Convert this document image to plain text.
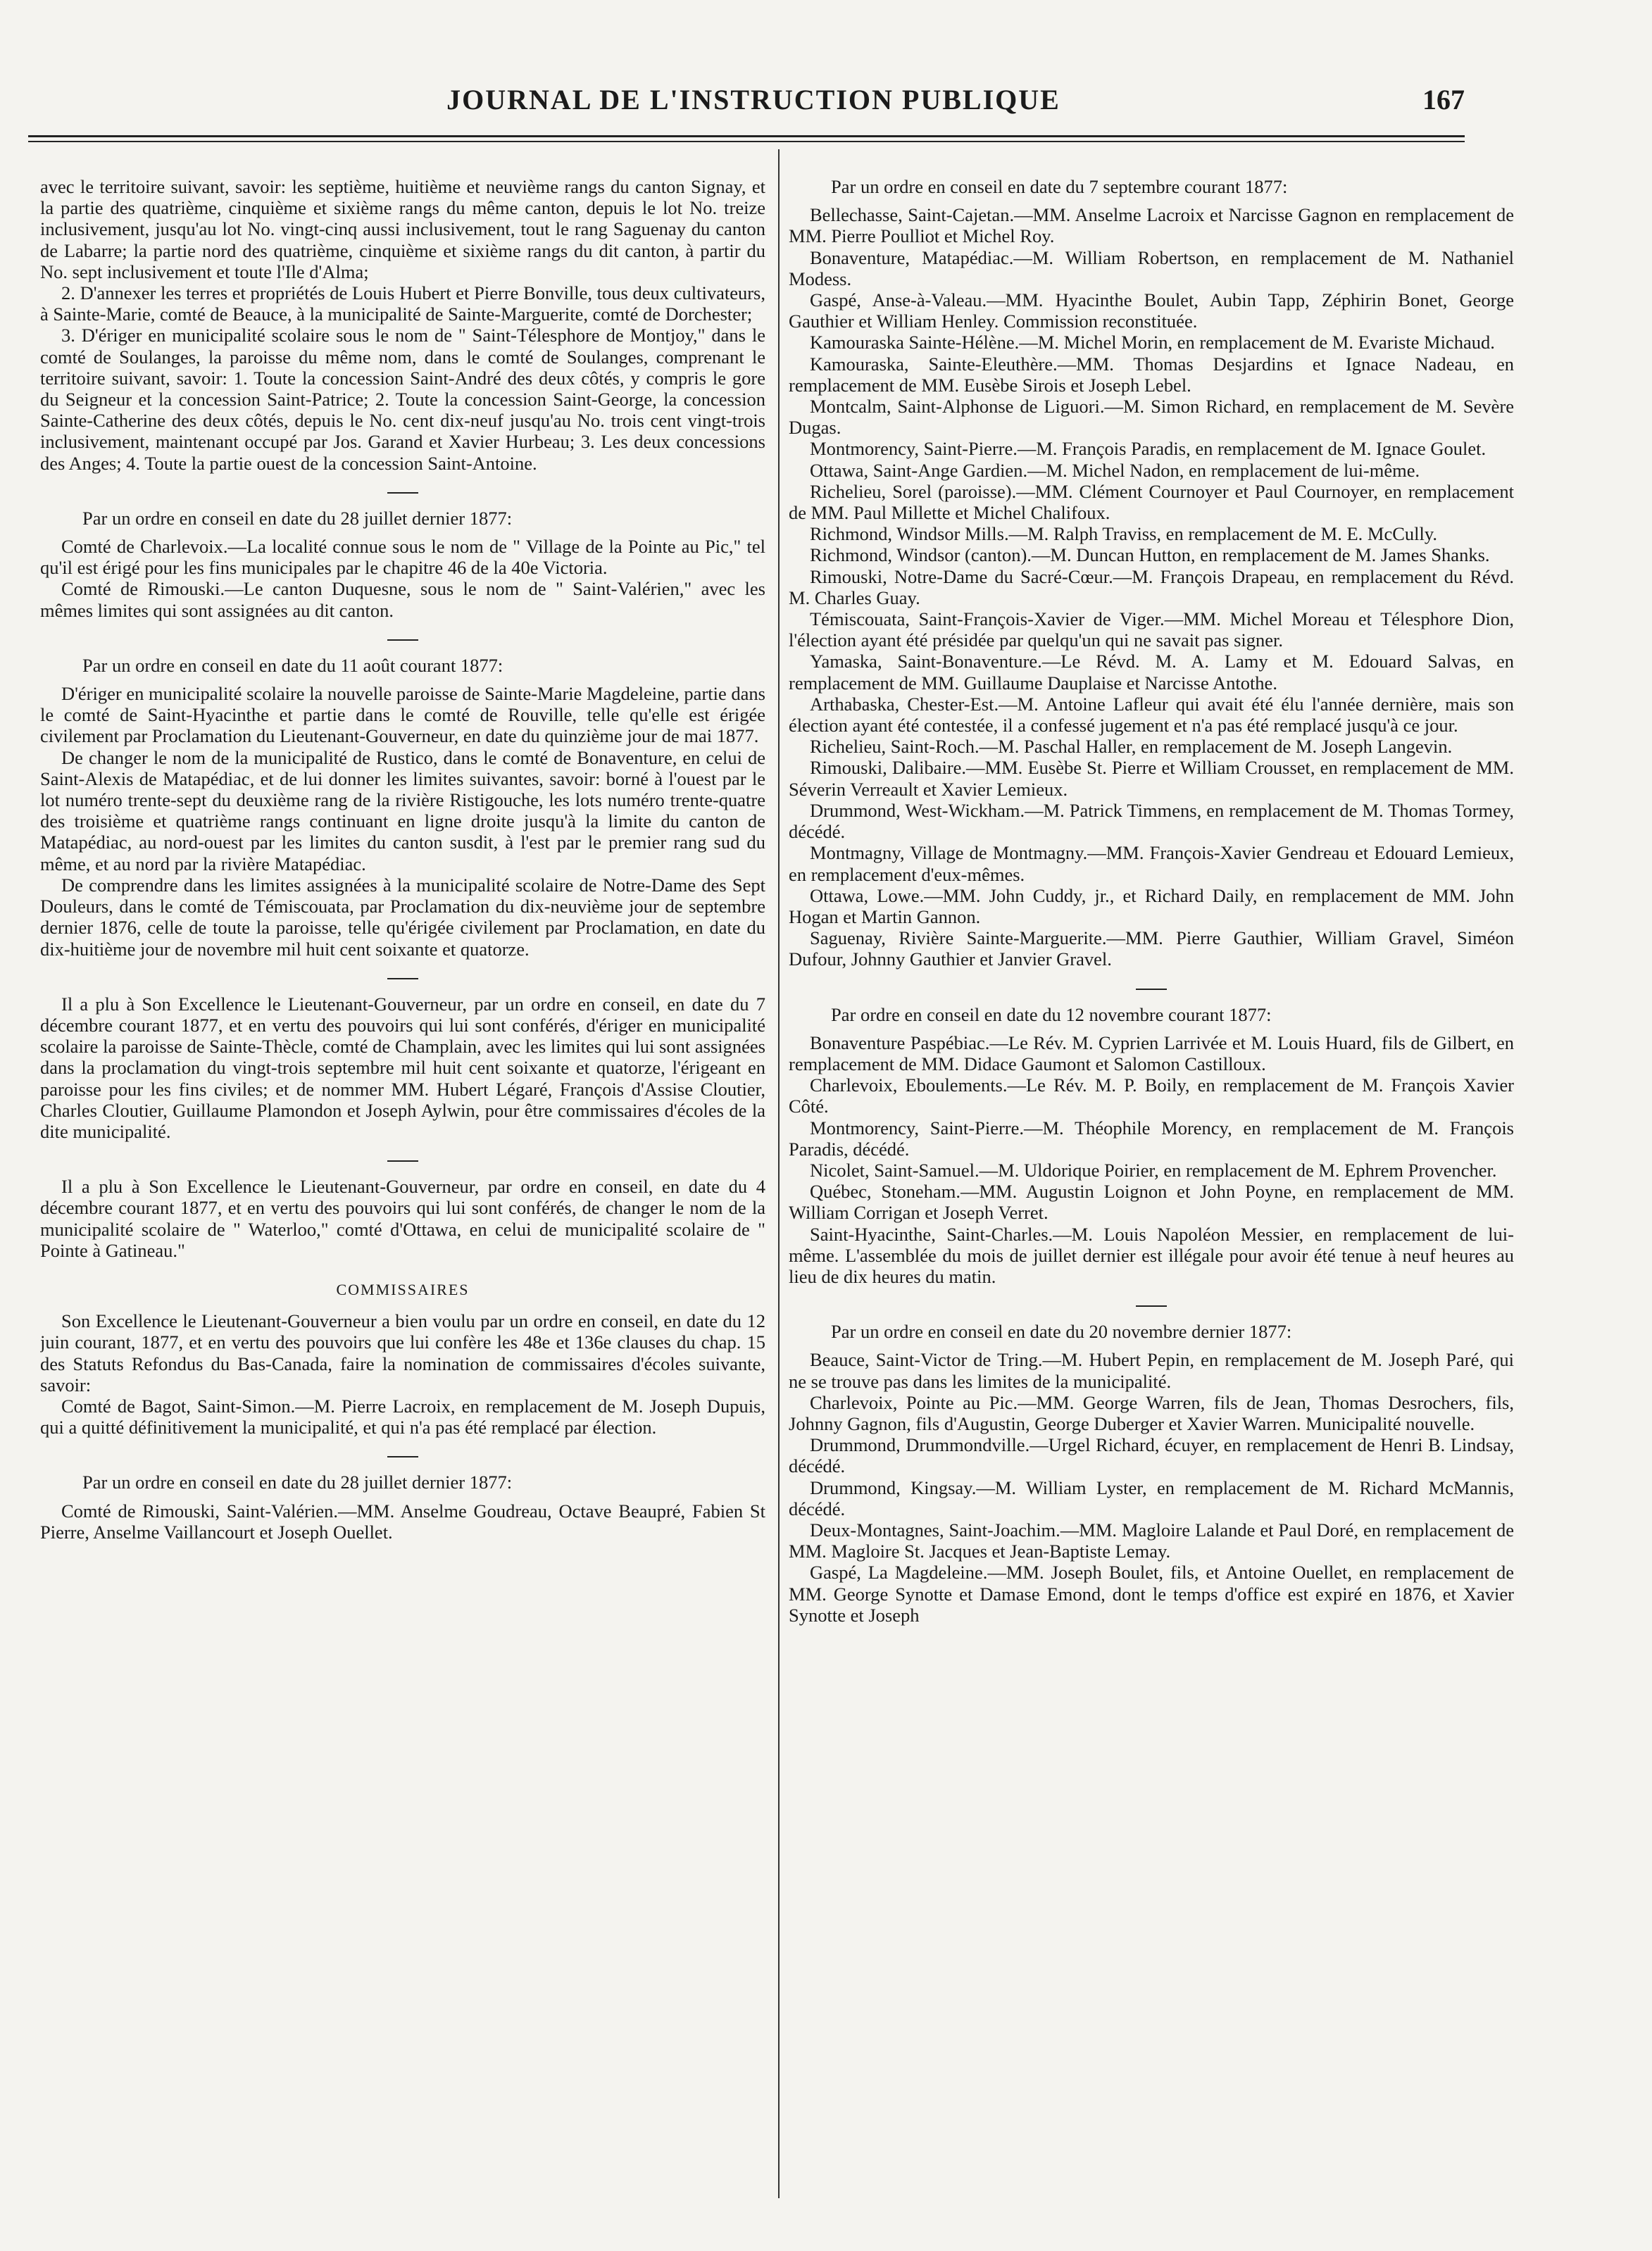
JOURNAL DE L'INSTRUCTION PUBLIQUE	167

avec le territoire suivant, savoir: les septième, huitième et neuvième rangs du canton Signay, et la partie des quatrième, cinquième et sixième rangs du même canton, depuis le lot No. treize inclusivement, jusqu'au lot No. vingt-cinq aussi inclusivement, tout le rang Saguenay du canton de Labarre; la partie nord des quatrième, cinquième et sixième rangs du dit canton, à partir du No. sept inclusivement et toute l'Ile d'Alma;

2. D'annexer les terres et propriétés de Louis Hubert et Pierre Bonville, tous deux cultivateurs, à Sainte-Marie, comté de Beauce, à la municipalité de Sainte-Marguerite, comté de Dorchester;

3. D'ériger en municipalité scolaire sous le nom de " Saint-Télesphore de Montjoy," dans le comté de Soulanges, la paroisse du même nom, dans le comté de Soulanges, comprenant le territoire suivant, savoir: 1. Toute la concession Saint-André des deux côtés, y compris le gore du Seigneur et la concession Saint-Patrice; 2. Toute la concession Saint-George, la concession Sainte-Catherine des deux côtés, depuis le No. cent dix-neuf jusqu'au No. trois cent vingt-trois inclusivement, maintenant occupé par Jos. Garand et Xavier Hurbeau; 3. Les deux concessions des Anges; 4. Toute la partie ouest de la concession Saint-Antoine.

Par un ordre en conseil en date du 28 juillet dernier 1877:

Comté de Charlevoix.—La localité connue sous le nom de " Village de la Pointe au Pic," tel qu'il est érigé pour les fins municipales par le chapitre 46 de la 40e Victoria.

Comté de Rimouski.—Le canton Duquesne, sous le nom de " Saint-Valérien," avec les mêmes limites qui sont assignées au dit canton.

Par un ordre en conseil en date du 11 août courant 1877:

D'ériger en municipalité scolaire la nouvelle paroisse de Sainte-Marie Magdeleine, partie dans le comté de Saint-Hyacinthe et partie dans le comté de Rouville, telle qu'elle est érigée civilement par Proclamation du Lieutenant-Gouverneur, en date du quinzième jour de mai 1877.

De changer le nom de la municipalité de Rustico, dans le comté de Bonaventure, en celui de Saint-Alexis de Matapédiac, et de lui donner les limites suivantes, savoir: borné à l'ouest par le lot numéro trente-sept du deuxième rang de la rivière Ristigouche, les lots numéro trente-quatre des troisième et quatrième rangs continuant en ligne droite jusqu'à la limite du canton de Matapédiac, au nord-ouest par les limites du canton susdit, à l'est par le premier rang sud du même, et au nord par la rivière Matapédiac.

De comprendre dans les limites assignées à la municipalité scolaire de Notre-Dame des Sept Douleurs, dans le comté de Témiscouata, par Proclamation du dix-neuvième jour de septembre dernier 1876, celle de toute la paroisse, telle qu'érigée civilement par Proclamation, en date du dix-huitième jour de novembre mil huit cent soixante et quatorze.

Il a plu à Son Excellence le Lieutenant-Gouverneur, par un ordre en conseil, en date du 7 décembre courant 1877, et en vertu des pouvoirs qui lui sont conférés, d'ériger en municipalité scolaire la paroisse de Sainte-Thècle, comté de Champlain, avec les limites qui lui sont assignées dans la proclamation du vingt-trois septembre mil huit cent soixante et quatorze, l'érigeant en paroisse pour les fins civiles; et de nommer MM. Hubert Légaré, François d'Assise Cloutier, Charles Cloutier, Guillaume Plamondon et Joseph Aylwin, pour être commissaires d'écoles de la dite municipalité.

Il a plu à Son Excellence le Lieutenant-Gouverneur, par ordre en conseil, en date du 4 décembre courant 1877, et en vertu des pouvoirs qui lui sont conférés, de changer le nom de la municipalité scolaire de " Waterloo," comté d'Ottawa, en celui de municipalité scolaire de " Pointe à Gatineau."

COMMISSAIRES

Son Excellence le Lieutenant-Gouverneur a bien voulu par un ordre en conseil, en date du 12 juin courant, 1877, et en vertu des pouvoirs que lui confère les 48e et 136e clauses du chap. 15 des Statuts Refondus du Bas-Canada, faire la nomination de commissaires d'écoles suivante, savoir:

Comté de Bagot, Saint-Simon.—M. Pierre Lacroix, en remplacement de M. Joseph Dupuis, qui a quitté définitivement la municipalité, et qui n'a pas été remplacé par élection.

Par un ordre en conseil en date du 28 juillet dernier 1877:

Comté de Rimouski, Saint-Valérien.—MM. Anselme Goudreau, Octave Beaupré, Fabien St Pierre, Anselme Vaillancourt et Joseph Ouellet.

Par un ordre en conseil en date du 7 septembre courant 1877:

Bellechasse, Saint-Cajetan.—MM. Anselme Lacroix et Narcisse Gagnon en remplacement de MM. Pierre Poulliot et Michel Roy.

Bonaventure, Matapédiac.—M. William Robertson, en remplacement de M. Nathaniel Modess.

Gaspé, Anse-à-Valeau.—MM. Hyacinthe Boulet, Aubin Tapp, Zéphirin Bonet, George Gauthier et William Henley. Commission reconstituée.

Kamouraska Sainte-Hélène.—M. Michel Morin, en remplacement de M. Evariste Michaud.

Kamouraska, Sainte-Eleuthère.—MM. Thomas Desjardins et Ignace Nadeau, en remplacement de MM. Eusèbe Sirois et Joseph Lebel.

Montcalm, Saint-Alphonse de Liguori.—M. Simon Richard, en remplacement de M. Sevère Dugas.

Montmorency, Saint-Pierre.—M. François Paradis, en remplacement de M. Ignace Goulet.

Ottawa, Saint-Ange Gardien.—M. Michel Nadon, en remplacement de lui-même.

Richelieu, Sorel (paroisse).—MM. Clément Cournoyer et Paul Cournoyer, en remplacement de MM. Paul Millette et Michel Chalifoux.

Richmond, Windsor Mills.—M. Ralph Traviss, en remplacement de M. E. McCully.

Richmond, Windsor (canton).—M. Duncan Hutton, en remplacement de M. James Shanks.

Rimouski, Notre-Dame du Sacré-Cœur.—M. François Drapeau, en remplacement du Révd. M. Charles Guay.

Témiscouata, Saint-François-Xavier de Viger.—MM. Michel Moreau et Télesphore Dion, l'élection ayant été présidée par quelqu'un qui ne savait pas signer.

Yamaska, Saint-Bonaventure.—Le Révd. M. A. Lamy et M. Edouard Salvas, en remplacement de MM. Guillaume Dauplaise et Narcisse Antothe.

Arthabaska, Chester-Est.—M. Antoine Lafleur qui avait été élu l'année dernière, mais son élection ayant été contestée, il a confessé jugement et n'a pas été remplacé jusqu'à ce jour.

Richelieu, Saint-Roch.—M. Paschal Haller, en remplacement de M. Joseph Langevin.

Rimouski, Dalibaire.—MM. Eusèbe St. Pierre et William Crousset, en remplacement de MM. Séverin Verreault et Xavier Lemieux.

Drummond, West-Wickham.—M. Patrick Timmens, en remplacement de M. Thomas Tormey, décédé.

Montmagny, Village de Montmagny.—MM. François-Xavier Gendreau et Edouard Lemieux, en remplacement d'eux-mêmes.

Ottawa, Lowe.—MM. John Cuddy, jr., et Richard Daily, en remplacement de MM. John Hogan et Martin Gannon.

Saguenay, Rivière Sainte-Marguerite.—MM. Pierre Gauthier, William Gravel, Siméon Dufour, Johnny Gauthier et Janvier Gravel.

Par ordre en conseil en date du 12 novembre courant 1877:

Bonaventure Paspébiac.—Le Rév. M. Cyprien Larrivée et M. Louis Huard, fils de Gilbert, en remplacement de MM. Didace Gaumont et Salomon Castilloux.

Charlevoix, Eboulements.—Le Rév. M. P. Boily, en remplacement de M. François Xavier Côté.

Montmorency, Saint-Pierre.—M. Théophile Morency, en remplacement de M. François Paradis, décédé.

Nicolet, Saint-Samuel.—M. Uldorique Poirier, en remplacement de M. Ephrem Provencher.

Québec, Stoneham.—MM. Augustin Loignon et John Poyne, en remplacement de MM. William Corrigan et Joseph Verret.

Saint-Hyacinthe, Saint-Charles.—M. Louis Napoléon Messier, en remplacement de lui-même. L'assemblée du mois de juillet dernier est illégale pour avoir été tenue à neuf heures au lieu de dix heures du matin.

Par un ordre en conseil en date du 20 novembre dernier 1877:

Beauce, Saint-Victor de Tring.—M. Hubert Pepin, en remplacement de M. Joseph Paré, qui ne se trouve pas dans les limites de la municipalité.

Charlevoix, Pointe au Pic.—MM. George Warren, fils de Jean, Thomas Desrochers, fils, Johnny Gagnon, fils d'Augustin, George Duberger et Xavier Warren. Municipalité nouvelle.

Drummond, Drummondville.—Urgel Richard, écuyer, en remplacement de Henri B. Lindsay, décédé.

Drummond, Kingsay.—M. William Lyster, en remplacement de M. Richard McMannis, décédé.

Deux-Montagnes, Saint-Joachim.—MM. Magloire Lalande et Paul Doré, en remplacement de MM. Magloire St. Jacques et Jean-Baptiste Lemay.

Gaspé, La Magdeleine.—MM. Joseph Boulet, fils, et Antoine Ouellet, en remplacement de MM. George Synotte et Damase Emond, dont le temps d'office est expiré en 1876, et Xavier Synotte et Joseph
